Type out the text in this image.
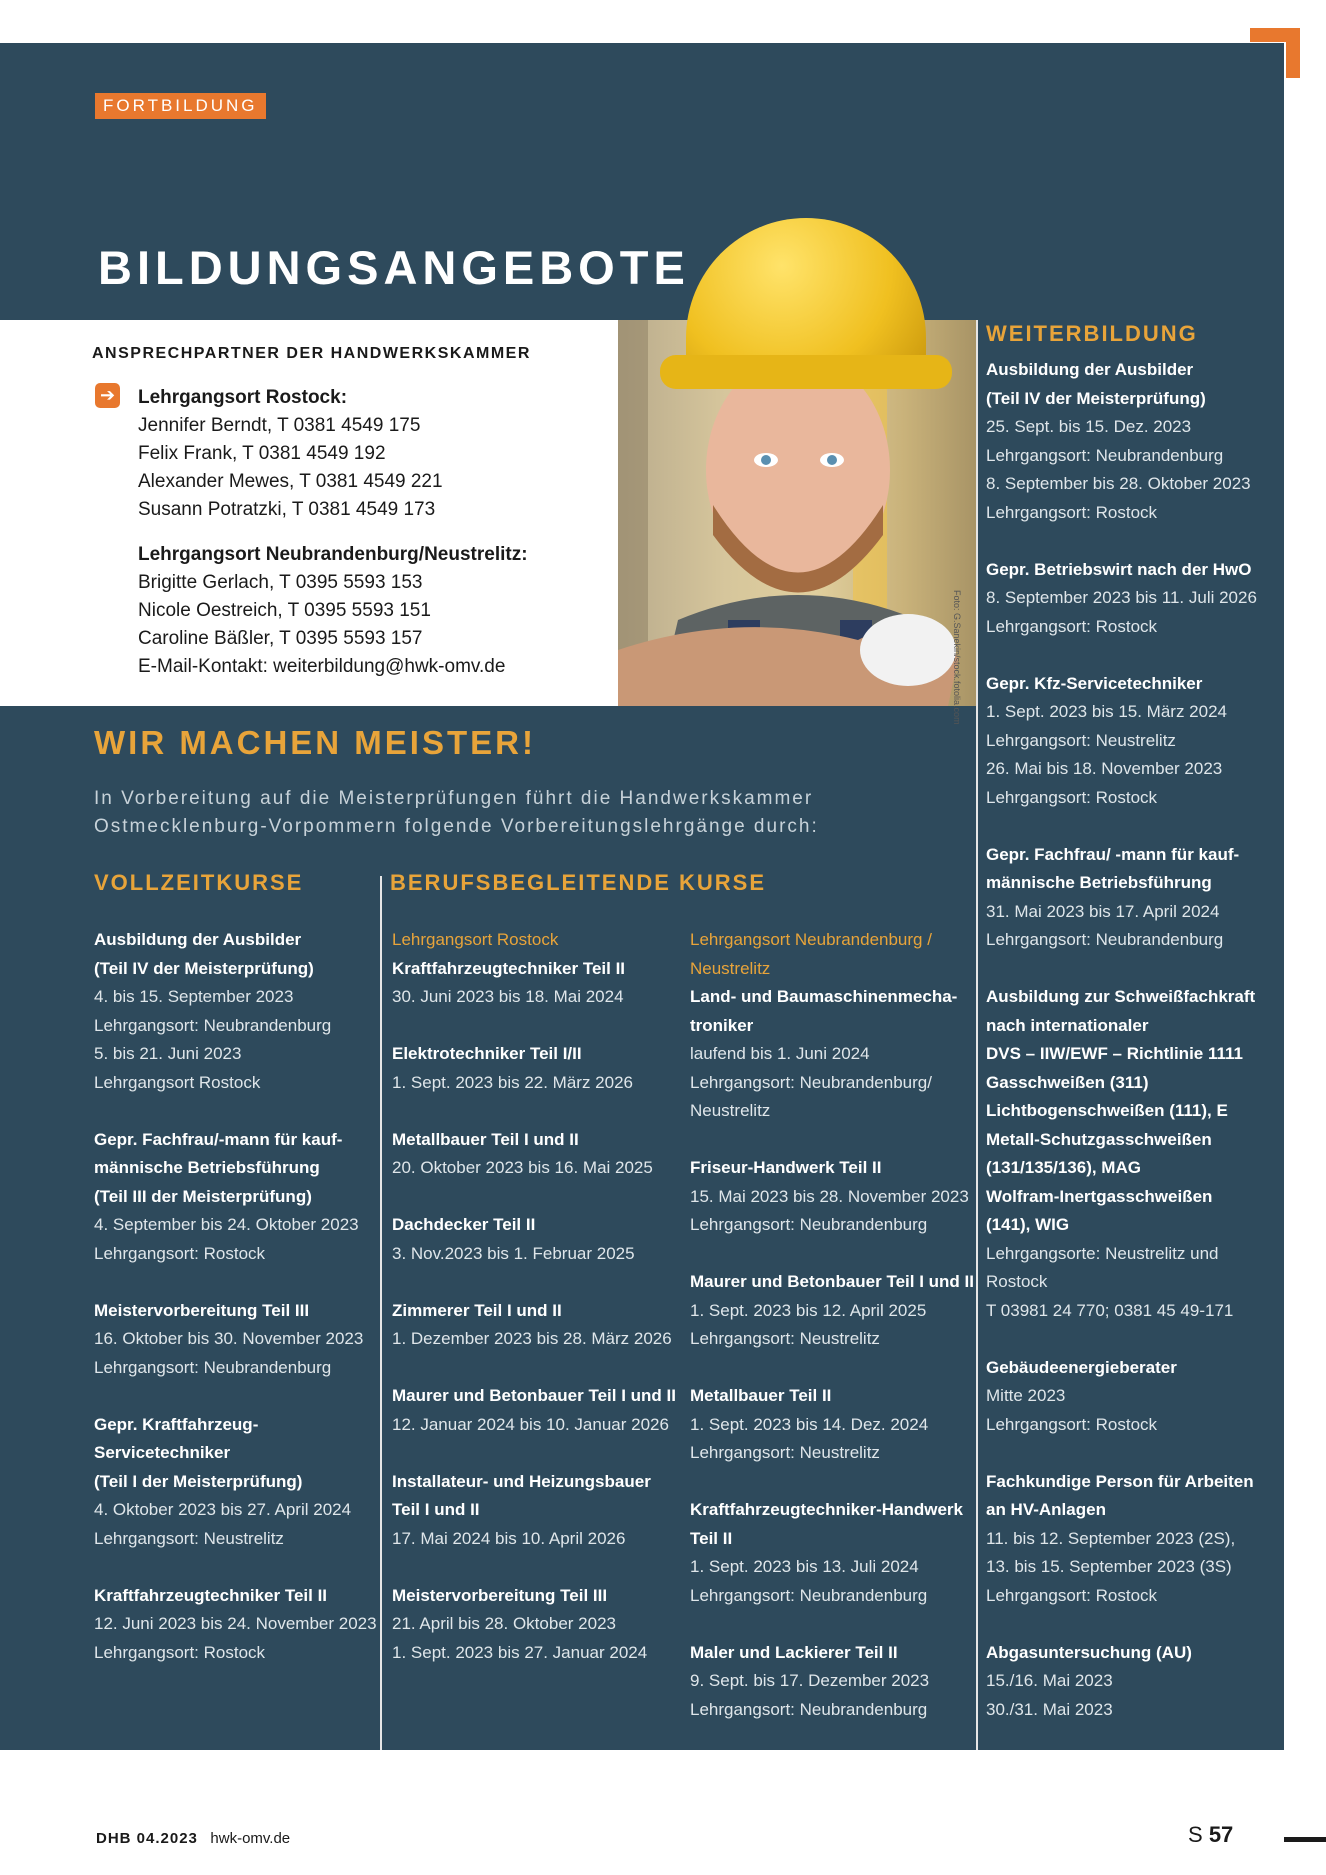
FORTBILDUNG
BILDUNGSANGEBOTE
ANSPRECHPARTNER DER HANDWERKSKAMMER
➔ Lehrgangsort Rostock:
Jennifer Berndt, T 0381 4549 175
Felix Frank, T 0381 4549 192
Alexander Mewes, T 0381 4549 221
Susann Potratzki, T 0381 4549 173
Lehrgangsort Neubrandenburg/Neustrelitz:
Brigitte Gerlach, T 0395 5593 153
Nicole Oestreich, T 0395 5593 151
Caroline Bäßler, T 0395 5593 157
E-Mail-Kontakt: weiterbildung@hwk-omv.de	Foto: G.Sanekin/stock.fotolia.com
WIR MACHEN MEISTER!
In Vorbereitung auf die Meisterprüfungen führt die Handwerkskammer Ostmecklenburg-Vorpommern folgende Vorbereitungslehrgänge durch:
VOLLZEITKURSE	BERUFSBEGLEITENDE KURSE
WEITERBILDUNG

Ausbildung der Ausbilder

(Teil IV der Meisterprüfung)

4. bis 15. September 2023

Lehrgangsort: Neubrandenburg

5. bis 21. Juni 2023

Lehrgangsort Rostock

Gepr. Fachfrau/-mann für kauf-

männische Betriebsführung

(Teil III der Meisterprüfung)

4. September bis 24. Oktober 2023

Lehrgangsort: Rostock

Meistervorbereitung Teil III

16. Oktober bis 30. November 2023

Lehrgangsort: Neubrandenburg

Gepr. Kraftfahrzeug-

Servicetechniker

(Teil I der Meisterprüfung)

4. Oktober 2023 bis 27. April 2024

Lehrgangsort: Neustrelitz

Kraftfahrzeugtechniker Teil II

12. Juni 2023 bis 24. November 2023

Lehrgangsort: Rostock

Lehrgangsort Rostock

Kraftfahrzeugtechniker Teil II

30. Juni 2023 bis 18. Mai 2024

Elektrotechniker Teil I/II

1. Sept. 2023 bis 22. März 2026

Metallbauer Teil I und II

20. Oktober 2023 bis 16. Mai 2025

Dachdecker Teil II

3. Nov.2023 bis 1. Februar 2025

Zimmerer Teil I und II

1. Dezember 2023 bis 28. März 2026

Maurer und Betonbauer Teil I und II

12. Januar 2024 bis 10. Januar 2026

Installateur- und Heizungsbauer

Teil I und II

17. Mai 2024 bis 10. April 2026

Meistervorbereitung Teil III

21. April bis 28. Oktober 2023

1. Sept. 2023 bis 27. Januar 2024

Lehrgangsort Neubrandenburg /

Neustrelitz

Land- und Baumaschinenmecha-

troniker

laufend bis 1. Juni 2024

Lehrgangsort: Neubrandenburg/

Neustrelitz

Friseur-Handwerk Teil II

15. Mai 2023 bis 28. November 2023

Lehrgangsort: Neubrandenburg

Maurer und Betonbauer Teil I und II

1. Sept. 2023 bis 12. April 2025

Lehrgangsort: Neustrelitz

Metallbauer Teil II

1. Sept. 2023 bis 14. Dez. 2024

Lehrgangsort: Neustrelitz

Kraftfahrzeugtechniker-Handwerk

Teil II

1. Sept. 2023 bis 13. Juli 2024

Lehrgangsort: Neubrandenburg

Maler und Lackierer Teil II

9. Sept. bis 17. Dezember 2023

Lehrgangsort: Neubrandenburg

Ausbildung der Ausbilder

(Teil IV der Meisterprüfung)

25. Sept. bis 15. Dez. 2023

Lehrgangsort: Neubrandenburg

8. September bis 28. Oktober 2023

Lehrgangsort: Rostock

Gepr. Betriebswirt nach der HwO

8. September 2023 bis 11. Juli 2026

Lehrgangsort: Rostock

Gepr. Kfz-Servicetechniker

1. Sept. 2023 bis 15. März 2024

Lehrgangsort: Neustrelitz

26. Mai bis 18. November 2023

Lehrgangsort: Rostock

Gepr. Fachfrau/ -mann für kauf-

männische Betriebsführung

31. Mai 2023 bis 17. April 2024

Lehrgangsort: Neubrandenburg

Ausbildung zur Schweißfachkraft

nach internationaler

DVS – IIW/EWF – Richtlinie 1111

Gasschweißen (311)

Lichtbogenschweißen (111), E

Metall-Schutzgasschweißen

(131/135/136), MAG

Wolfram-Inertgasschweißen

(141), WIG

Lehrgangsorte: Neustrelitz und

Rostock

T 03981 24 770; 0381 45 49-171

Gebäudeenergieberater

Mitte 2023

Lehrgangsort: Rostock

Fachkundige Person für Arbeiten

an HV-Anlagen

11. bis 12. September 2023 (2S),

13. bis 15. September 2023 (3S)

Lehrgangsort: Rostock

Abgasuntersuchung (AU)

15./16. Mai 2023

30./31. Mai 2023

DHB 04.2023 hwk-omv.de	S 57
